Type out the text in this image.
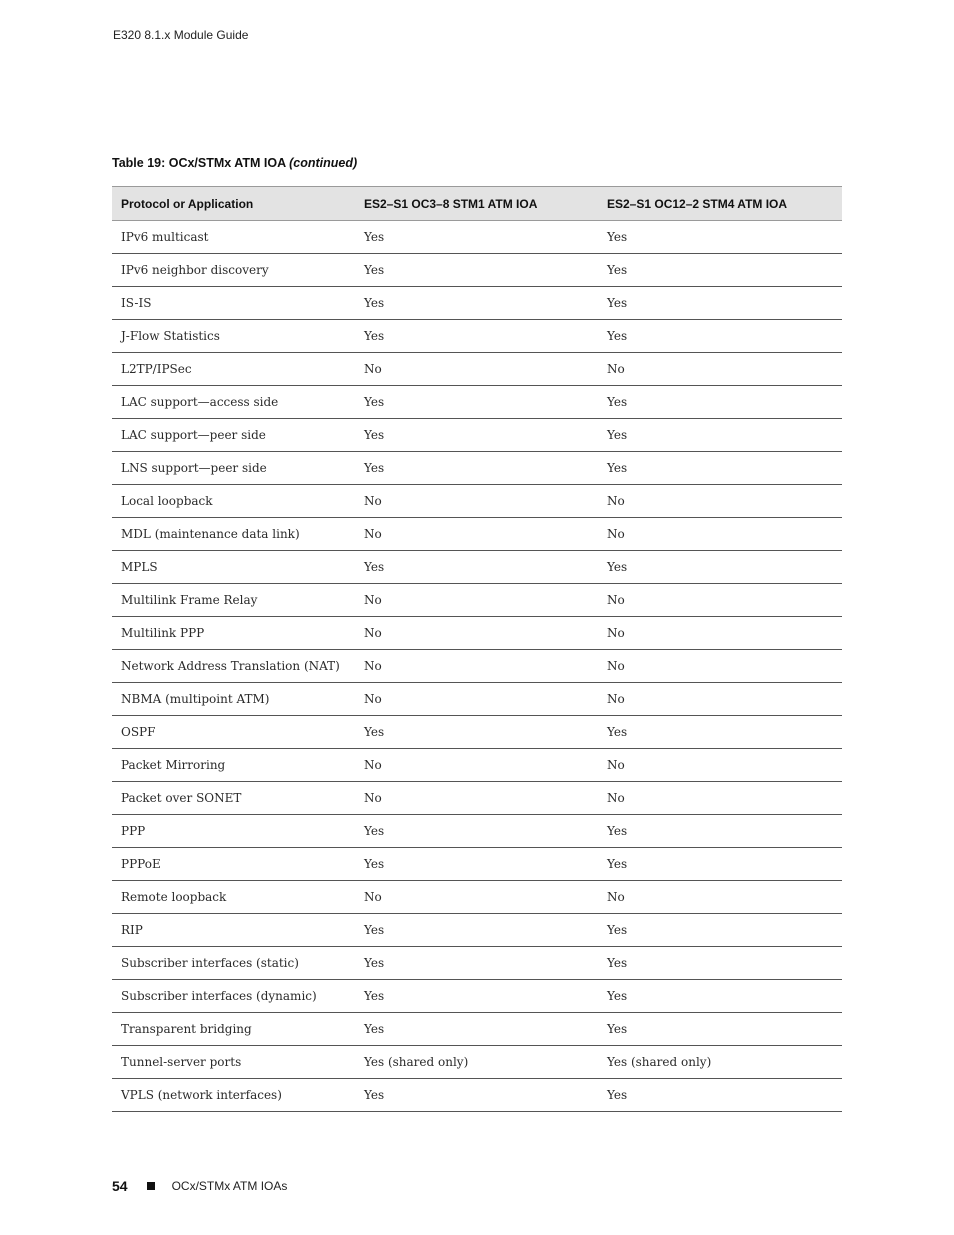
E320 8.1.x Module Guide
Table 19: OCx/STMx ATM IOA (continued)
Protocol or Application	ES2–S1 OC3–8 STM1 ATM IOA	ES2–S1 OC12–2 STM4 ATM IOA
IPv6 multicast	Yes	Yes
IPv6 neighbor discovery	Yes	Yes
IS-IS	Yes	Yes
J-Flow Statistics	Yes	Yes
L2TP/IPSec	No	No
LAC support—access side	Yes	Yes
LAC support—peer side	Yes	Yes
LNS support—peer side	Yes	Yes
Local loopback	No	No
MDL (maintenance data link)	No	No
MPLS	Yes	Yes
Multilink Frame Relay	No	No
Multilink PPP	No	No
Network Address Translation (NAT)	No	No
NBMA (multipoint ATM)	No	No
OSPF	Yes	Yes
Packet Mirroring	No	No
Packet over SONET	No	No
PPP	Yes	Yes
PPPoE	Yes	Yes
Remote loopback	No	No
RIP	Yes	Yes
Subscriber interfaces (static)	Yes	Yes
Subscriber interfaces (dynamic)	Yes	Yes
Transparent bridging	Yes	Yes
Tunnel-server ports	Yes (shared only)	Yes (shared only)
VPLS (network interfaces)	Yes	Yes
54	OCx/STMx ATM IOAs
